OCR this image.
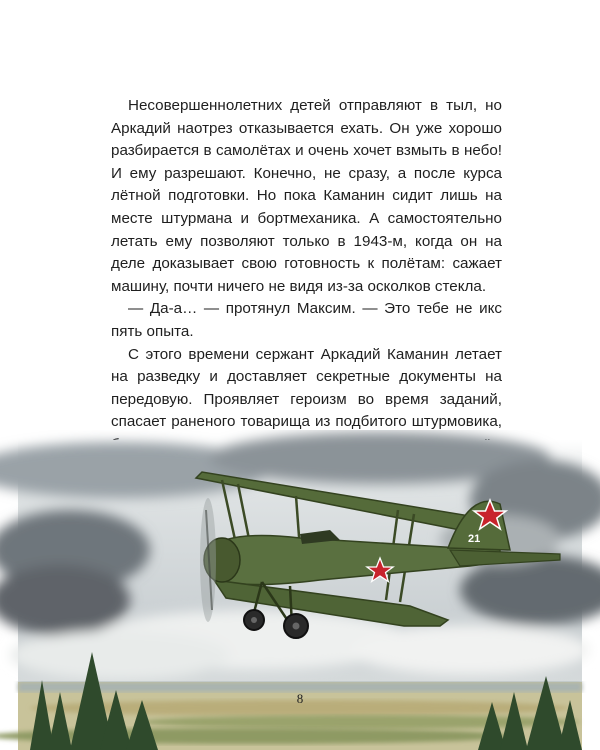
Несовершеннолетних детей отправляют в тыл, но Аркадий наотрез отказывается ехать. Он уже хорошо разбирается в самолётах и очень хочет взмыть в небо! И ему разрешают. Конечно, не сразу, а после курса лётной подготовки. Но пока Каманин сидит лишь на месте штурмана и бортмеханика. А самостоятельно летать ему позволяют только в 1943-м, когда он на деле доказывает свою готовность к полётам: сажает машину, почти ничего не видя из-за осколков стекла.

— Да-а… — протянул Максим. — Это тебе не икс пять опыта.

С этого времени сержант Аркадий Каманин летает на разведку и доставляет секретные документы на передовую. Проявляет героизм во время заданий, спасает раненого товарища из подбитого штурмовика,

21
8
